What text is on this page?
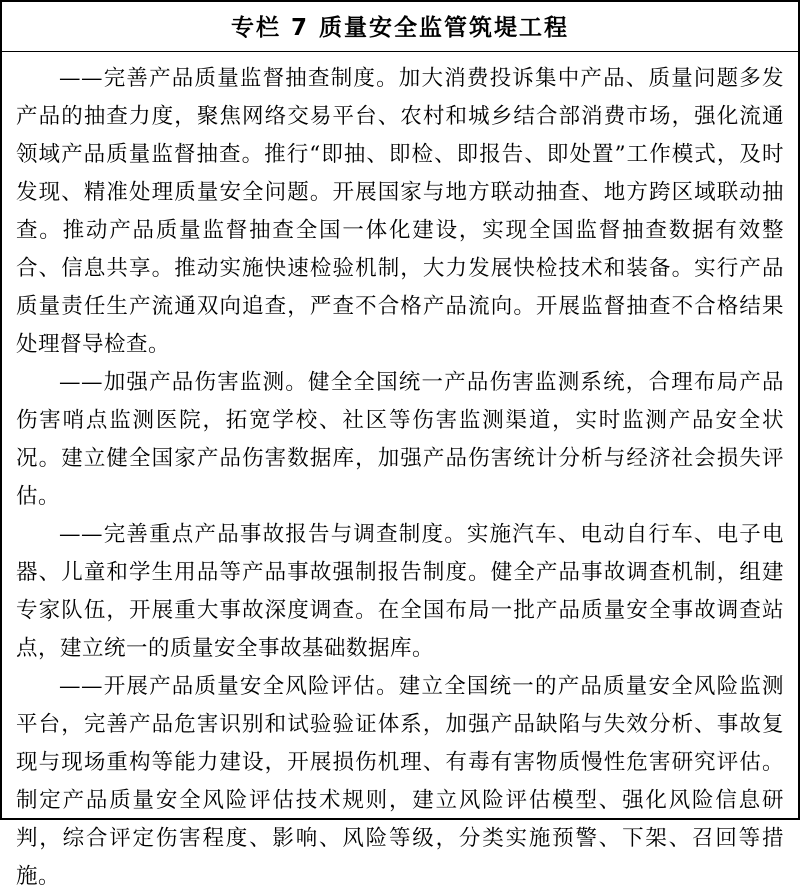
专栏 7 质量安全监管筑堤工程

——完善产品质量监督抽查制度。加大消费投诉集中产品、质量问题多发产品的抽查力度，聚焦网络交易平台、农村和城乡结合部消费市场，强化流通领域产品质量监督抽查。推行“即抽、即检、即报告、即处置”工作模式，及时发现、精准处理质量安全问题。开展国家与地方联动抽查、地方跨区域联动抽查。推动产品质量监督抽查全国一体化建设，实现全国监督抽查数据有效整合、信息共享。推动实施快速检验机制，大力发展快检技术和装备。实行产品质量责任生产流通双向追查，严查不合格产品流向。开展监督抽查不合格结果处理督导检查。

——加强产品伤害监测。健全全国统一产品伤害监测系统，合理布局产品伤害哨点监测医院，拓宽学校、社区等伤害监测渠道，实时监测产品安全状况。建立健全国家产品伤害数据库，加强产品伤害统计分析与经济社会损失评估。

——完善重点产品事故报告与调查制度。实施汽车、电动自行车、电子电器、儿童和学生用品等产品事故强制报告制度。健全产品事故调查机制，组建专家队伍，开展重大事故深度调查。在全国布局一批产品质量安全事故调查站点，建立统一的质量安全事故基础数据库。

——开展产品质量安全风险评估。建立全国统一的产品质量安全风险监测平台，完善产品危害识别和试验验证体系，加强产品缺陷与失效分析、事故复现与现场重构等能力建设，开展损伤机理、有毒有害物质慢性危害研究评估。制定产品质量安全风险评估技术规则，建立风险评估模型、强化风险信息研判，综合评定伤害程度、影响、风险等级，分类实施预警、下架、召回等措施。
